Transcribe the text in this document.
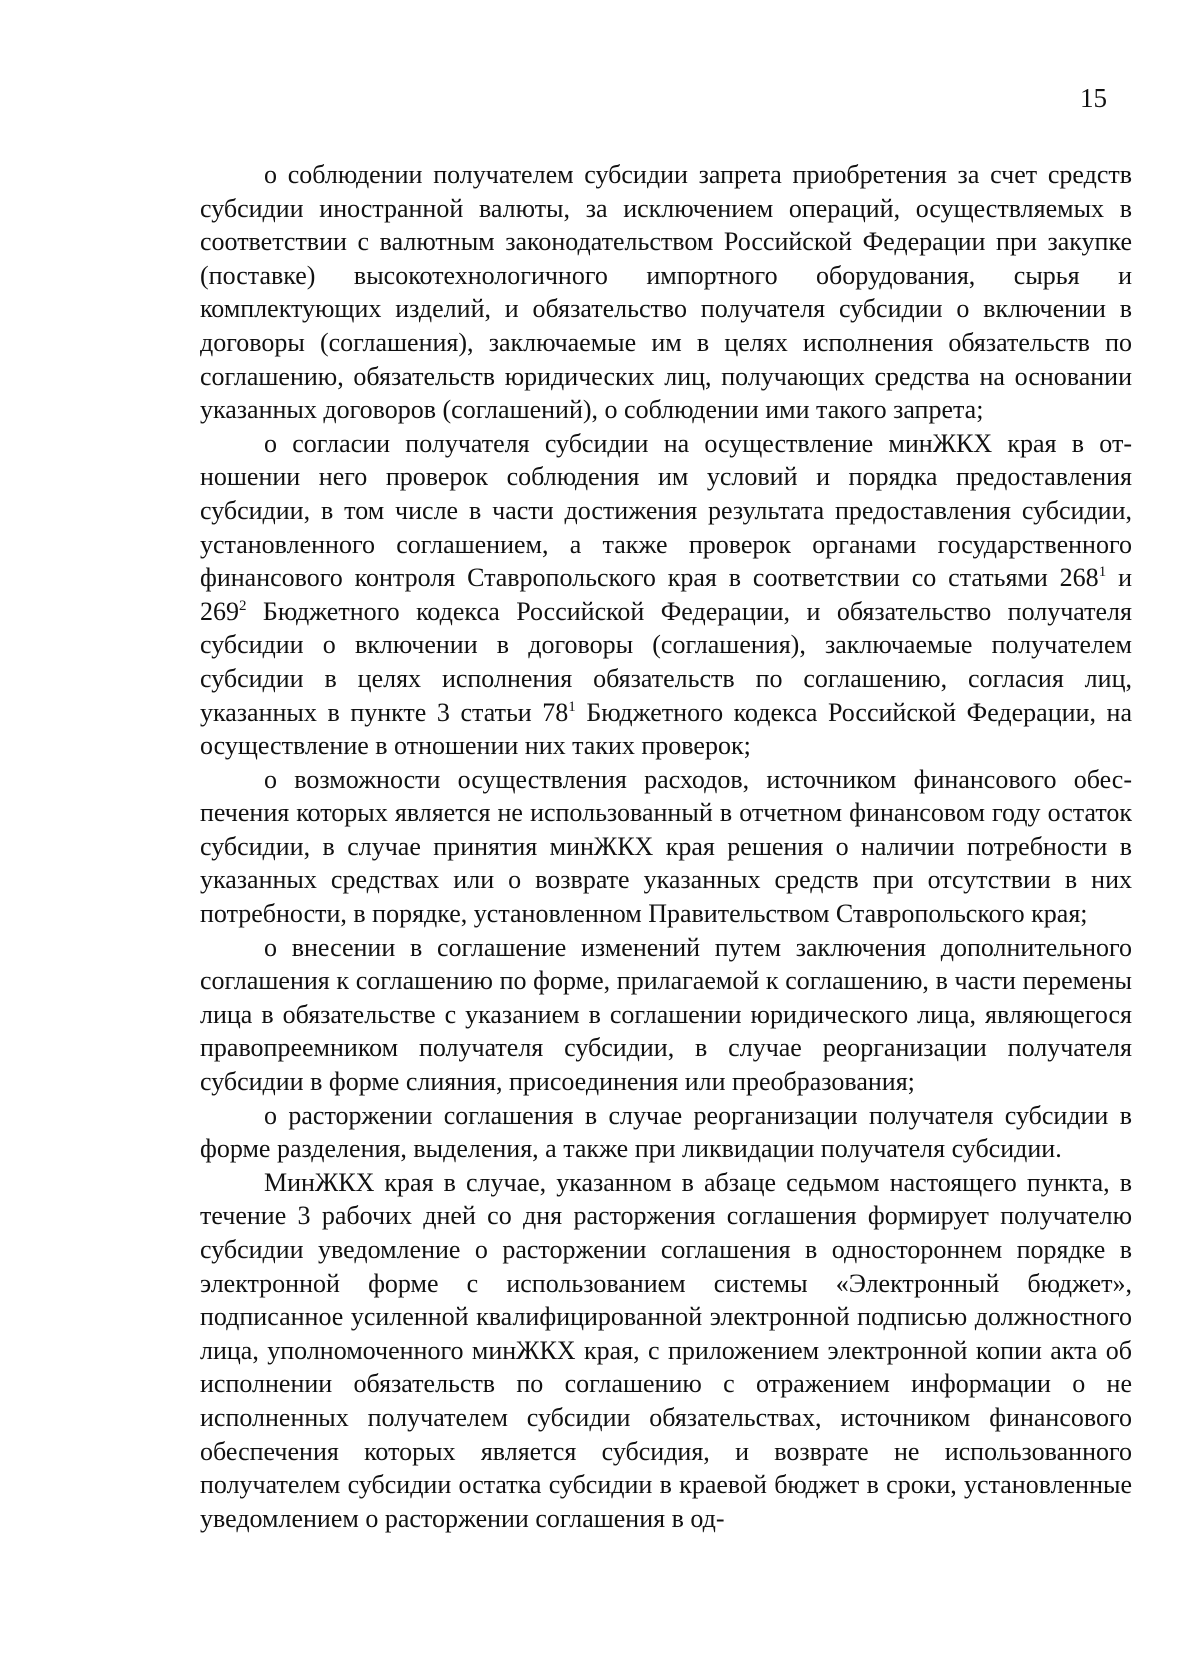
15

о соблюдении получателем субсидии запрета приобретения за счет средств субсидии иностранной валюты, за исключением операций, осуществляемых в соответствии с валютным законодательством Российской Федерации при закупке (поставке) высокотехнологичного импортного оборудования, сырья и комплектующих изделий, и обязательство получателя субсидии о включении в договоры (соглашения), заключаемые им в целях исполнения обязательств по соглашению, обязательств юридических лиц, получающих средства на основании указанных договоров (соглашений), о соблюдении ими такого запрета;

о согласии получателя субсидии на осуществление минЖКХ края в отношении него проверок соблюдения им условий и порядка предоставления субсидии, в том числе в части достижения результата предоставления субсидии, установленного соглашением, а также проверок органами государственного финансового контроля Ставропольского края в соответствии со статьями $268^1$ и $269^2$ Бюджетного кодекса Российской Федерации, и обязательство получателя субсидии о включении в договоры (соглашения), заключаемые получателем субсидии в целях исполнения обязательств по соглашению, согласия лиц, указанных в пункте 3 статьи $78^1$ Бюджетного кодекса Российской Федерации, на осуществление в отношении них таких проверок;

о возможности осуществления расходов, источником финансового обеспечения которых является не использованный в отчетном финансовом году остаток субсидии, в случае принятия минЖКХ края решения о наличии потребности в указанных средствах или о возврате указанных средств при отсутствии в них потребности, в порядке, установленном Правительством Ставропольского края;

о внесении в соглашение изменений путем заключения дополнительного соглашения к соглашению по форме, прилагаемой к соглашению, в части перемены лица в обязательстве с указанием в соглашении юридического лица, являющегося правопреемником получателя субсидии, в случае реорганизации получателя субсидии в форме слияния, присоединения или преобразования;

о расторжении соглашения в случае реорганизации получателя субсидии в форме разделения, выделения, а также при ликвидации получателя субсидии.

МинЖКХ края в случае, указанном в абзаце седьмом настоящего пункта, в течение 3 рабочих дней со дня расторжения соглашения формирует получателю субсидии уведомление о расторжении соглашения в одностороннем порядке в электронной форме с использованием системы «Электронный бюджет», подписанное усиленной квалифицированной электронной подписью должностного лица, уполномоченного минЖКХ края, с приложением электронной копии акта об исполнении обязательств по соглашению с отражением информации о не исполненных получателем субсидии обязательствах, источником финансового обеспечения которых является субсидия, и возврате не использованного получателем субсидии остатка субсидии в краевой бюджет в сроки, установленные уведомлением о расторжении соглашения в од-
